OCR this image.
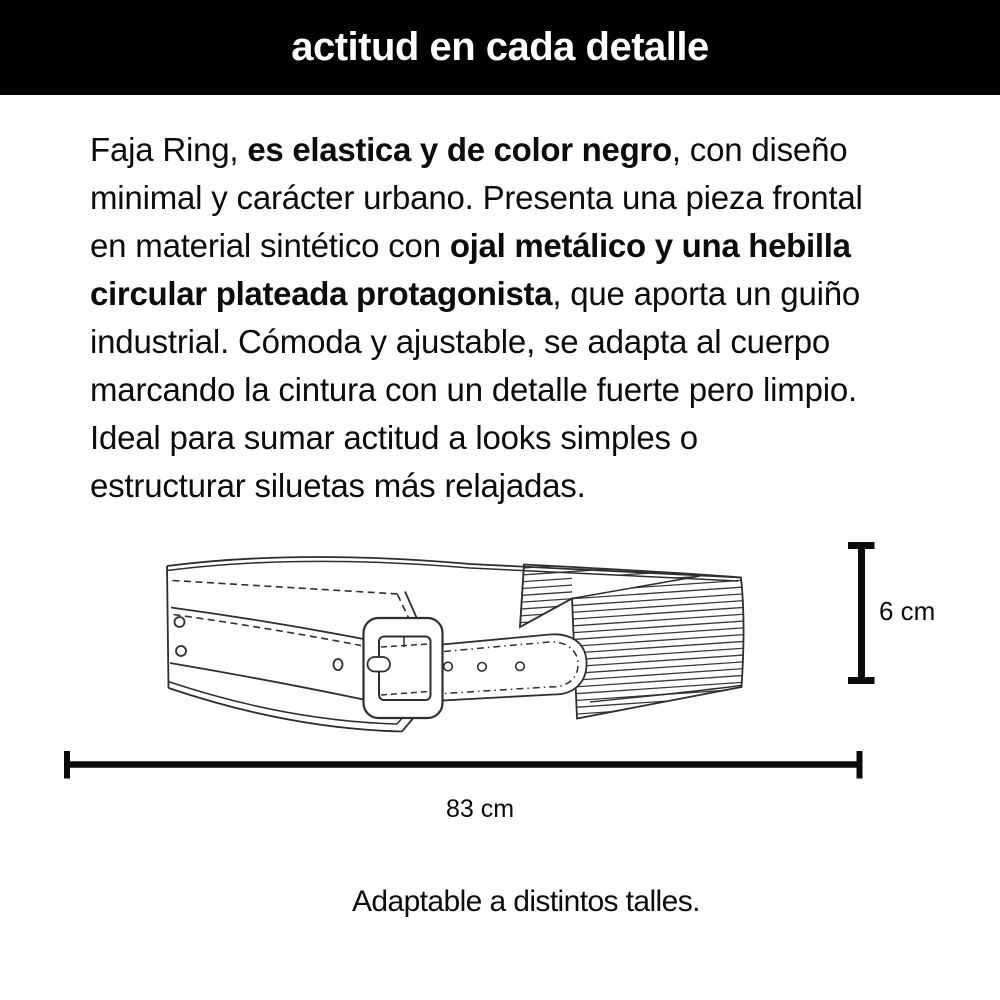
actitud en cada detalle
Faja Ring, es elastica y de color negro, con diseño
minimal y carácter urbano. Presenta una pieza frontal
en material sintético con ojal metálico y una hebilla
circular plateada protagonista, que aporta un guiño
industrial. Cómoda y ajustable, se adapta al cuerpo
marcando la cintura con un detalle fuerte pero limpio.
Ideal para sumar actitud a looks simples o
estructurar siluetas más relajadas.
6 cm
83 cm
Adaptable a distintos talles.
